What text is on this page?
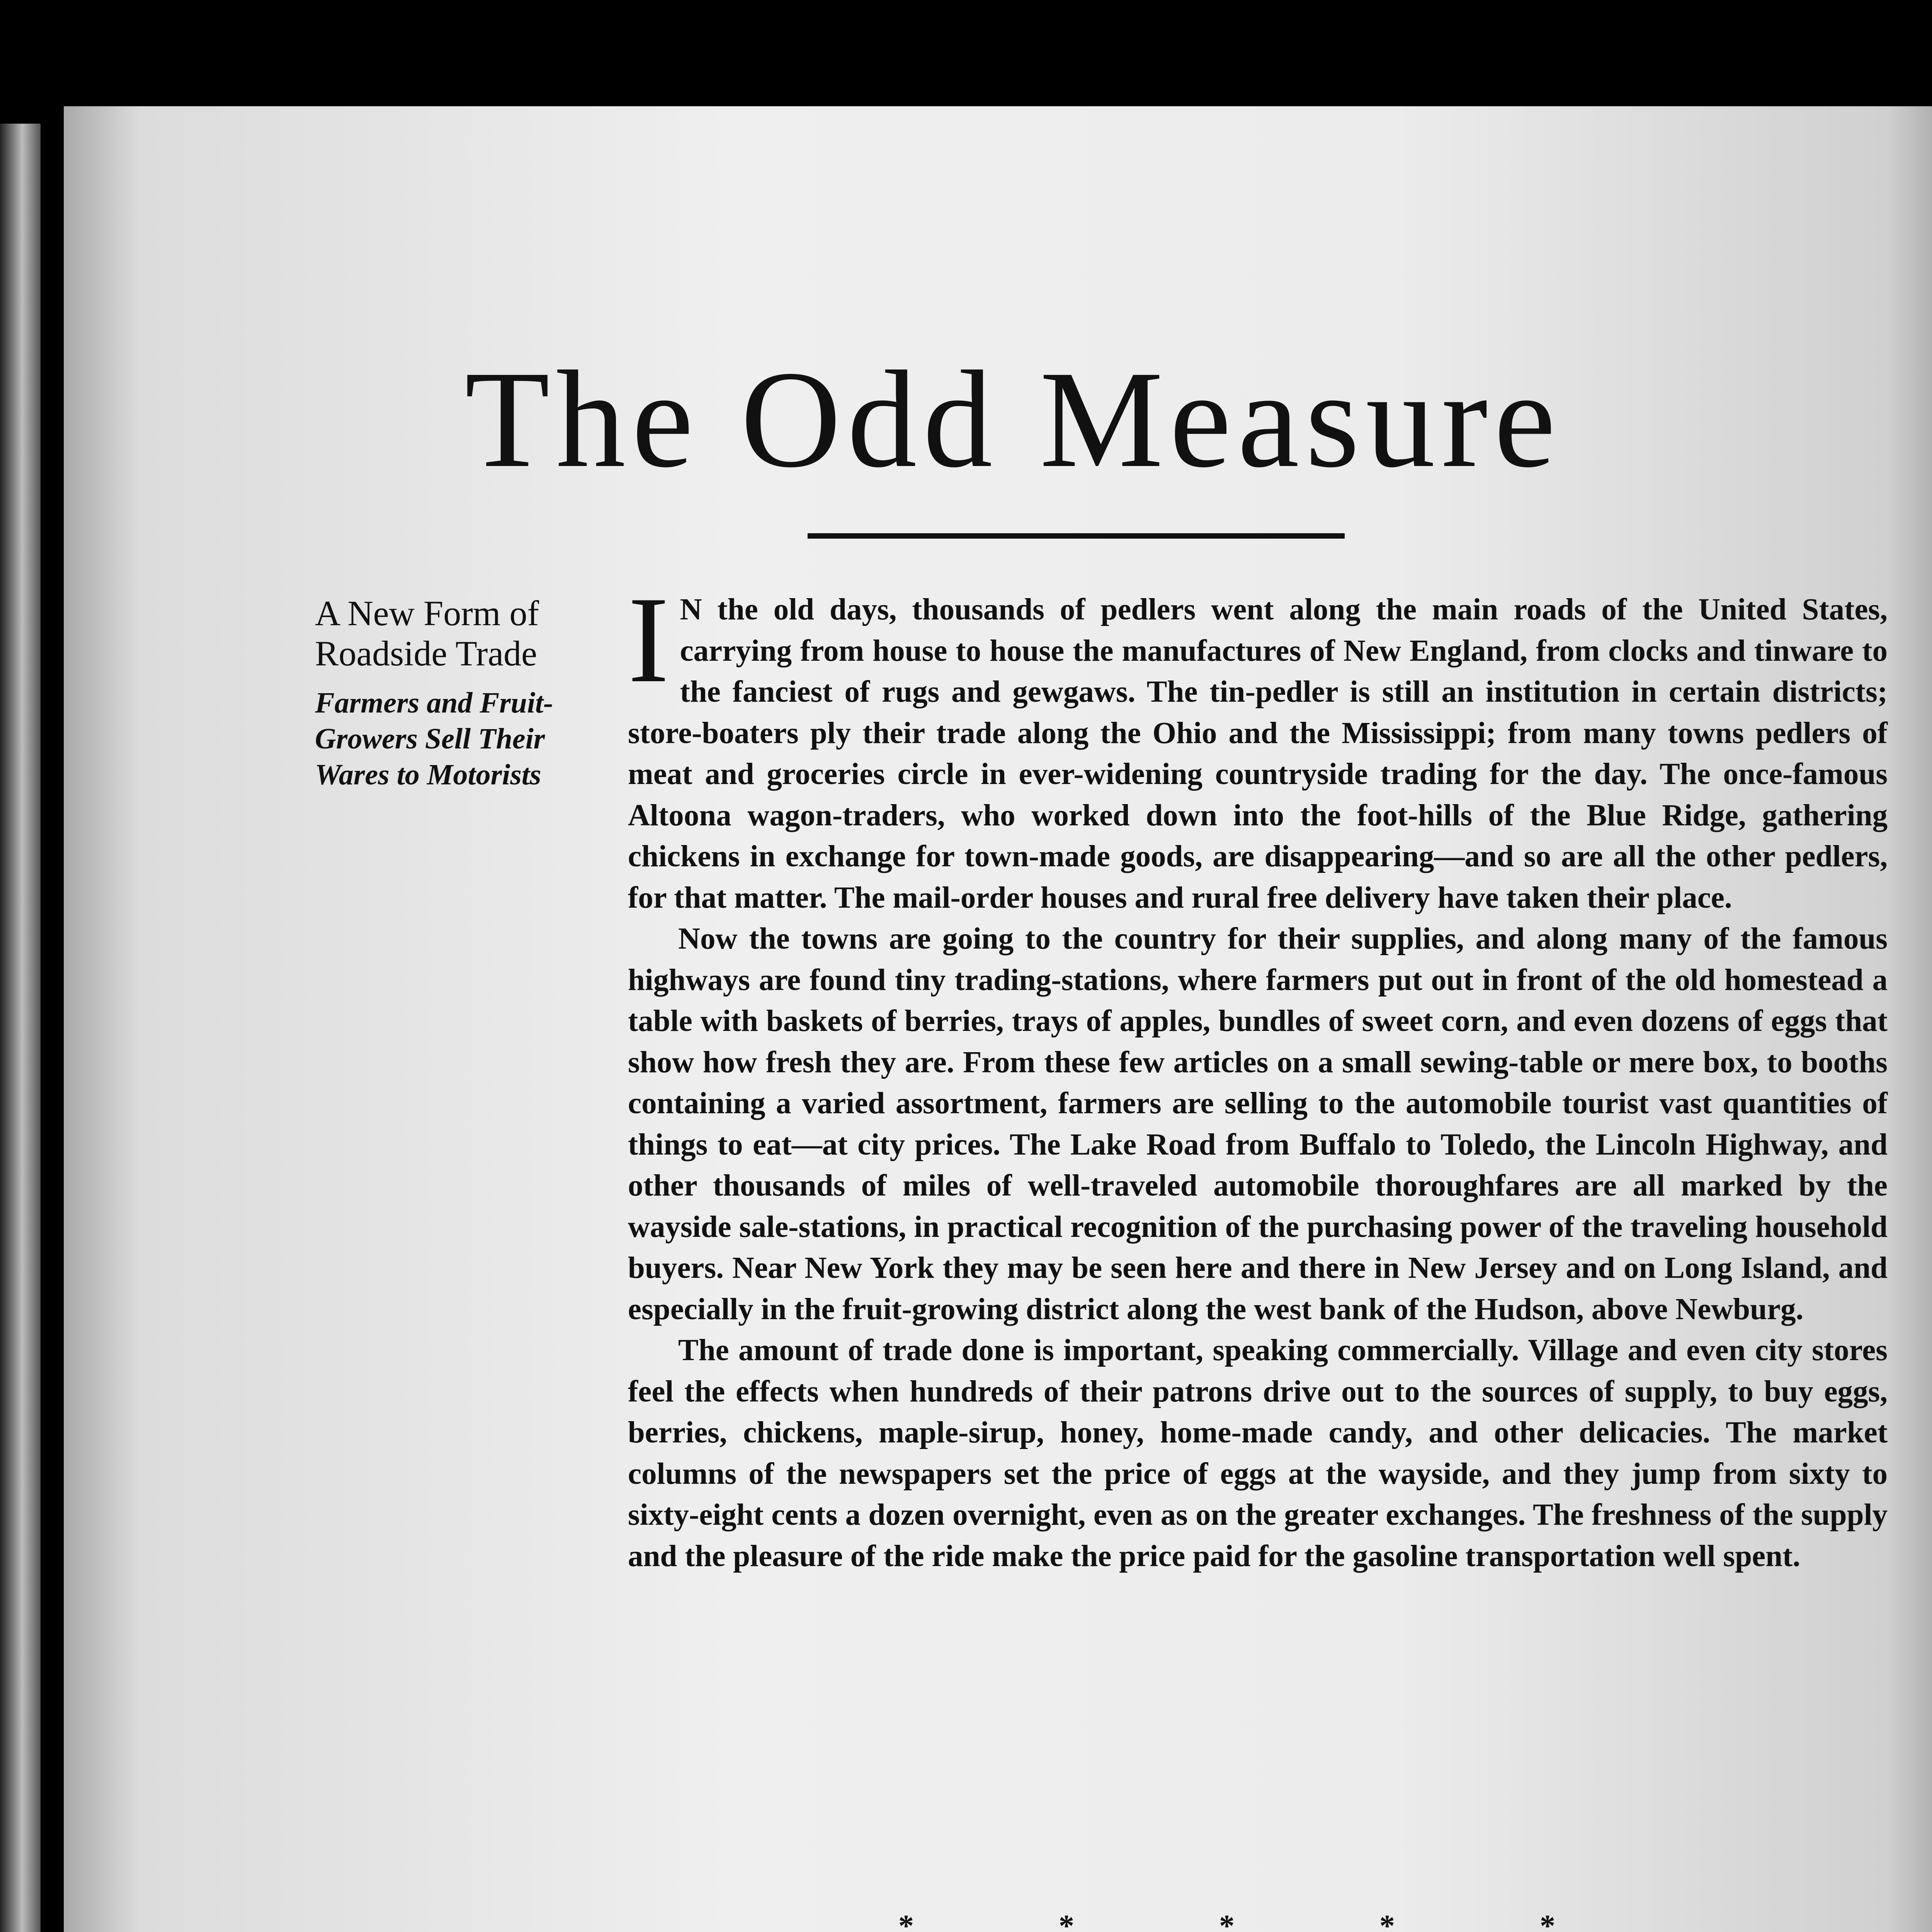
The Odd Measure
A New Form of Roadside Trade
Farmers and Fruit-Growers Sell Their Wares to Motorists

I N the old days, thousands of pedlers went along the main roads of the United States, carrying from house to house the manufactures of New England, from clocks and tinware to the fanciest of rugs and gewgaws. The tin-pedler is still an institution in certain districts; store-boaters ply their trade along the Ohio and the Mississippi; from many towns pedlers of meat and groceries circle in ever-widening countryside trading for the day. The once-famous Altoona wagon-traders, who worked down into the foot-hills of the Blue Ridge, gathering chickens in exchange for town-made goods, are disappearing—and so are all the other pedlers, for that matter. The mail-order houses and rural free delivery have taken their place.

Now the towns are going to the country for their supplies, and along many of the famous highways are found tiny trading-stations, where farmers put out in front of the old homestead a table with baskets of berries, trays of apples, bundles of sweet corn, and even dozens of eggs that show how fresh they are. From these few articles on a small sewing-table or mere box, to booths containing a varied assortment, farmers are selling to the automobile tourist vast quantities of things to eat—at city prices. The Lake Road from Buffalo to Toledo, the Lincoln Highway, and other thousands of miles of well-traveled automobile thoroughfares are all marked by the wayside sale-stations, in practical recognition of the purchasing power of the traveling household buyers. Near New York they may be seen here and there in New Jersey and on Long Island, and especially in the fruit-growing district along the west bank of the Hudson, above Newburg.

The amount of trade done is important, speaking commercially. Village and even city stores feel the effects when hundreds of their patrons drive out to the sources of supply, to buy eggs, berries, chickens, maple-sirup, honey, home-made candy, and other delicacies. The market columns of the newspapers set the price of eggs at the wayside, and they jump from sixty to sixty-eight cents a dozen overnight, even as on the greater exchanges. The freshness of the supply and the pleasure of the ride make the price paid for the gasoline transportation well spent.

*	*	*	*	*
